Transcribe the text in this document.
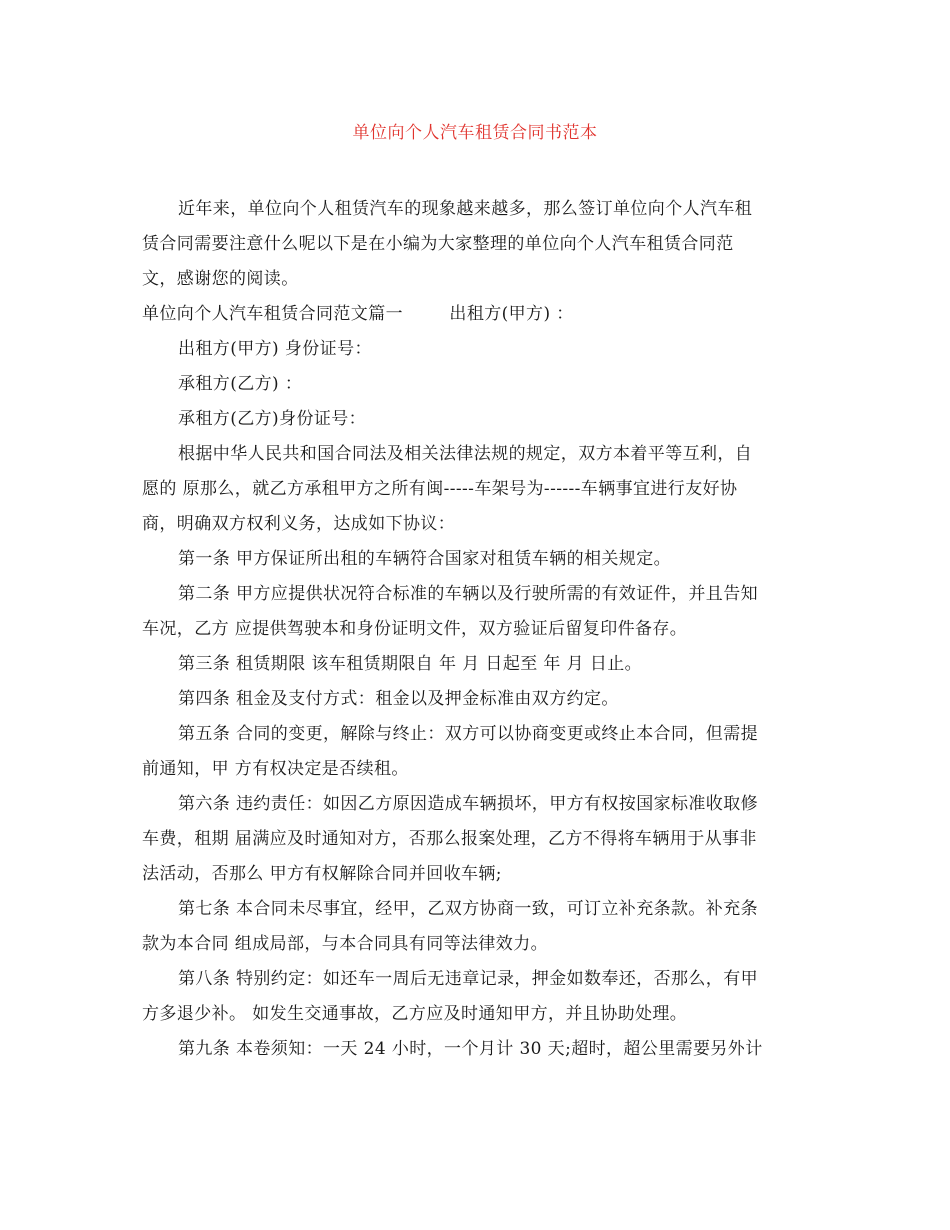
单位向个人汽车租赁合同书范本
近年来，单位向个人租赁汽车的现象越来越多，那么签订单位向个人汽车租
赁合同需要注意什么呢以下是在小编为大家整理的单位向个人汽车租赁合同范
文，感谢您的阅读。
单位向个人汽车租赁合同范文篇一        出租方(甲方) ：
出租方(甲方) 身份证号：
承租方(乙方) ：
承租方(乙方)身份证号：
根据中华人民共和国合同法及相关法律法规的规定，双方本着平等互利，自
愿的 原那么，就乙方承租甲方之所有闽-----车架号为------车辆事宜进行友好协
商，明确双方权利义务，达成如下协议：
第一条 甲方保证所出租的车辆符合国家对租赁车辆的相关规定。
第二条 甲方应提供状况符合标准的车辆以及行驶所需的有效证件，并且告知
车况，乙方 应提供驾驶本和身份证明文件，双方验证后留复印件备存。
第三条 租赁期限 该车租赁期限自 年 月 日起至 年 月 日止。
第四条 租金及支付方式：租金以及押金标准由双方约定。
第五条 合同的变更，解除与终止：双方可以协商变更或终止本合同，但需提
前通知，甲 方有权决定是否续租。
第六条 违约责任：如因乙方原因造成车辆损坏，甲方有权按国家标准收取修
车费，租期 届满应及时通知对方，否那么报案处理，乙方不得将车辆用于从事非
法活动，否那么 甲方有权解除合同并回收车辆;
第七条 本合同未尽事宜，经甲，乙双方协商一致，可订立补充条款。补充条
款为本合同 组成局部，与本合同具有同等法律效力。
第八条 特别约定：如还车一周后无违章记录，押金如数奉还，否那么，有甲
方多退少补。 如发生交通事故，乙方应及时通知甲方，并且协助处理。
第九条 本卷须知：一天 24 小时，一个月计 30 天;超时，超公里需要另外计
